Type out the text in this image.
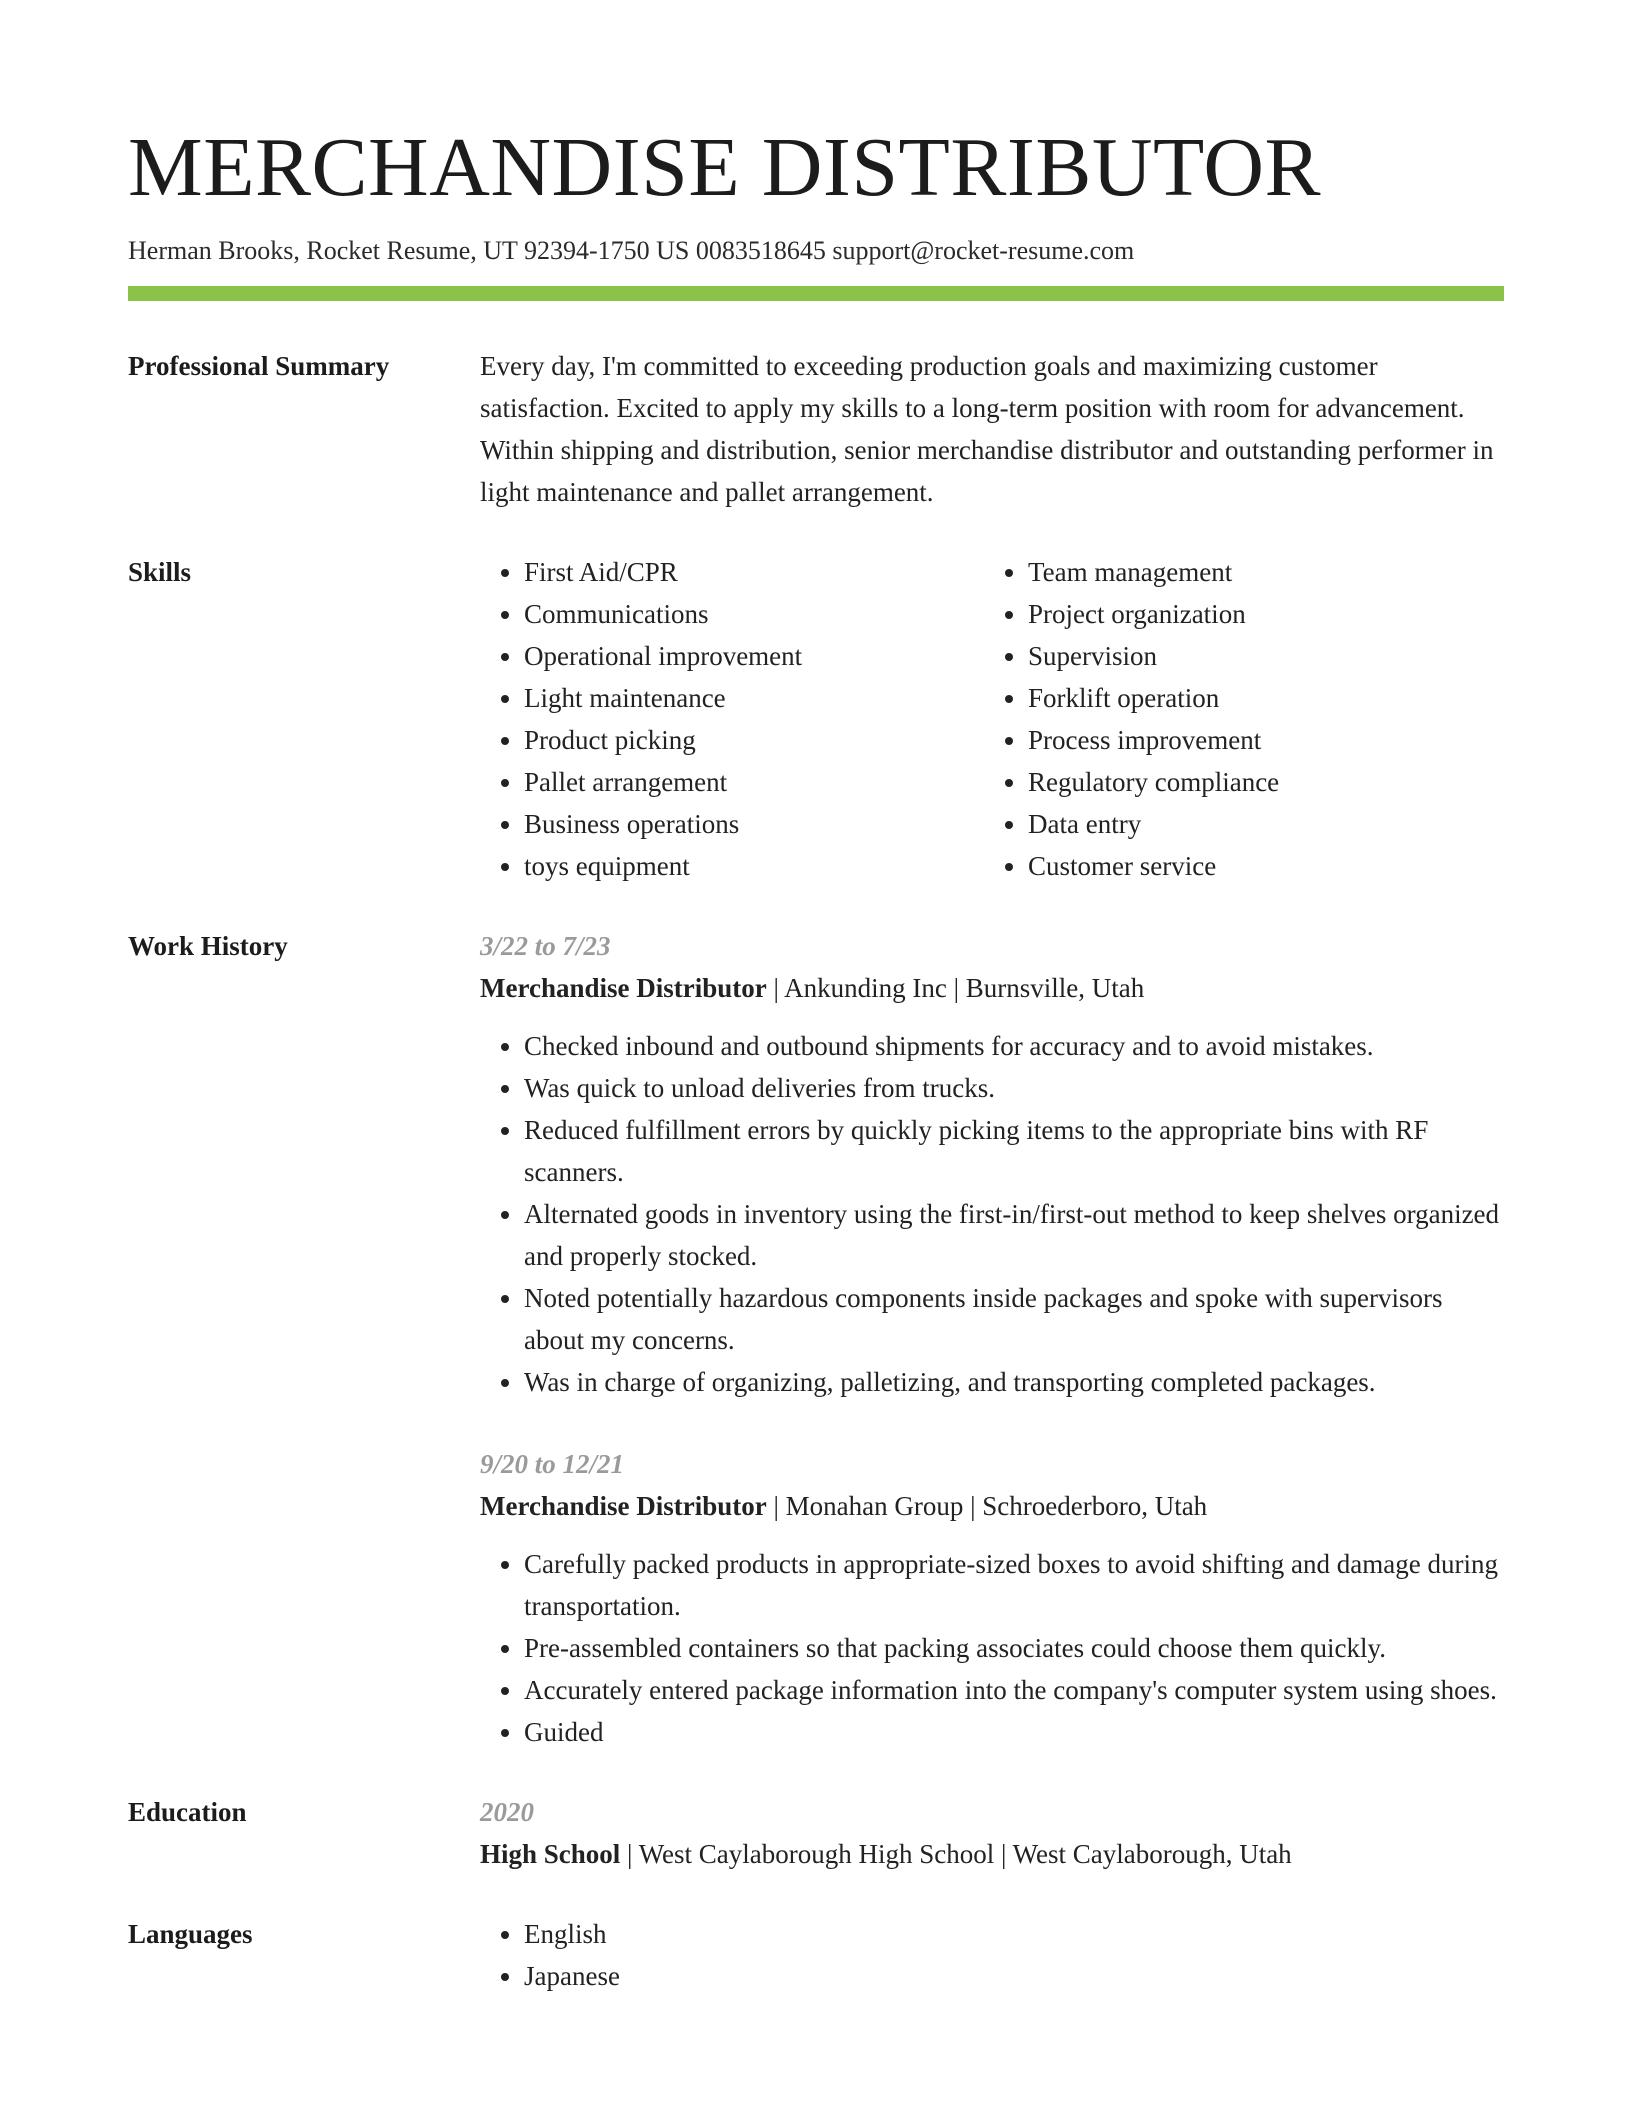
MERCHANDISE DISTRIBUTOR
Herman Brooks, Rocket Resume, UT 92394-1750 US 0083518645 support@rocket-resume.com
Professional Summary	Every day, I'm committed to exceeding production goals and maximizing customer satisfaction. Excited to apply my skills to a long-term position with room for advancement. Within shipping and distribution, senior merchandise distributor and outstanding performer in light maintenance and pallet arrangement.

Skills	• First Aid/CPR
• Communications
• Operational improvement
• Light maintenance
• Product picking
• Pallet arrangement
• Business operations
• toys equipment
• Team management
• Project organization
• Supervision
• Forklift operation
• Process improvement
• Regulatory compliance
• Data entry
• Customer service
Work History	3/22 to 7/23
Merchandise Distributor | Ankunding Inc | Burnsville, Utah
• Checked inbound and outbound shipments for accuracy and to avoid mistakes.
• Was quick to unload deliveries from trucks.
• Reduced fulfillment errors by quickly picking items to the appropriate bins with RF scanners.
• Alternated goods in inventory using the first-in/first-out method to keep shelves organized and properly stocked.
• Noted potentially hazardous components inside packages and spoke with supervisors about my concerns.
• Was in charge of organizing, palletizing, and transporting completed packages.
9/20 to 12/21
Merchandise Distributor | Monahan Group | Schroederboro, Utah
• Carefully packed products in appropriate-sized boxes to avoid shifting and damage during transportation.
• Pre-assembled containers so that packing associates could choose them quickly.
• Accurately entered package information into the company's computer system using shoes.
• Guided
Education	2020
High School | West Caylaborough High School | West Caylaborough, Utah
Languages	• English
• Japanese
